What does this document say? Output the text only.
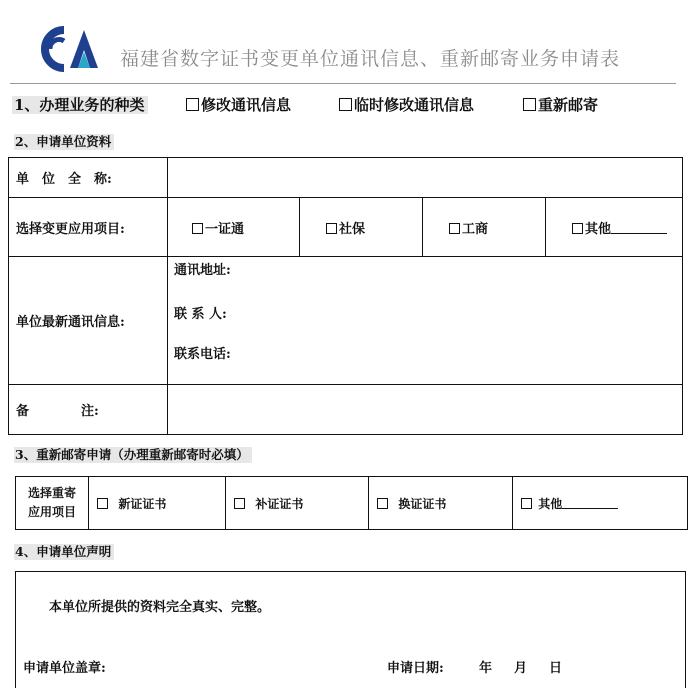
福建省数字证书变更单位通讯信息、重新邮寄业务申请表
1、办理业务的种类	修改通讯信息	临时修改通讯信息	重新邮寄
2、申请单位资料
单　位　全　称:	
选择变更应用项目:		一证通	社保	工商	其他

单位最新通讯信息:	
通讯地址:
联 系 人:
联系电话:

备　　　　注:	
3、重新邮寄申请（办理重新邮寄时必填）
选择重寄
应用项目	新证证书	补证证书	换证证书	其他
4、申请单位声明
本单位所提供的资料完全真实、完整。
申请单位盖章:	申请日期:	年 月 日
